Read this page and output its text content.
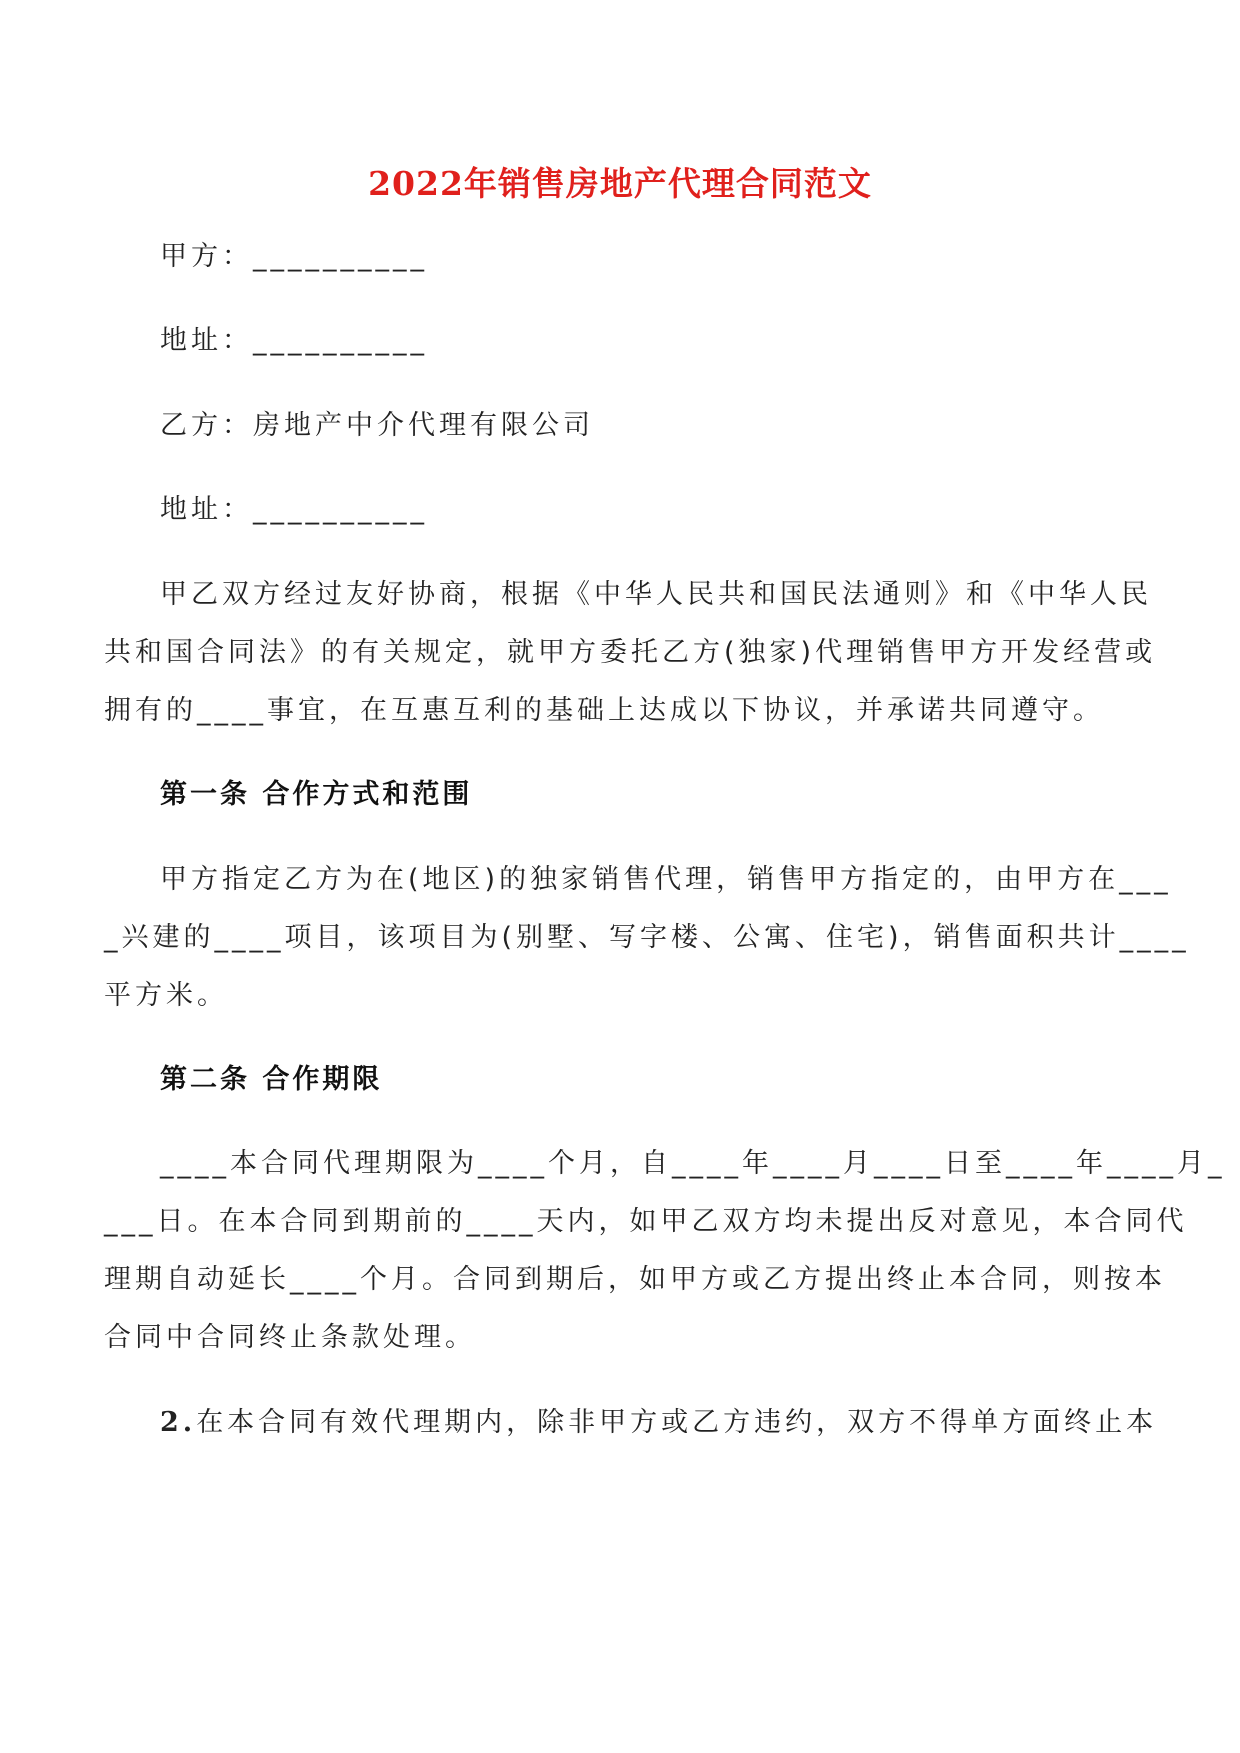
2022年销售房地产代理合同范文
甲方：__________
地址：__________
乙方：房地产中介代理有限公司
地址：__________
甲乙双方经过友好协商，根据《中华人民共和国民法通则》和《中华人民
共和国合同法》的有关规定，就甲方委托乙方(独家)代理销售甲方开发经营或
拥有的____事宜，在互惠互利的基础上达成以下协议，并承诺共同遵守。
第一条 合作方式和范围
甲方指定乙方为在(地区)的独家销售代理，销售甲方指定的，由甲方在___
_兴建的____项目，该项目为(别墅、写字楼、公寓、住宅)，销售面积共计____
平方米。
第二条 合作期限
____本合同代理期限为____个月，自____年____月____日至____年____月_
___日。在本合同到期前的____天内，如甲乙双方均未提出反对意见，本合同代
理期自动延长____个月。合同到期后，如甲方或乙方提出终止本合同，则按本
合同中合同终止条款处理。
2.在本合同有效代理期内，除非甲方或乙方违约，双方不得单方面终止本
